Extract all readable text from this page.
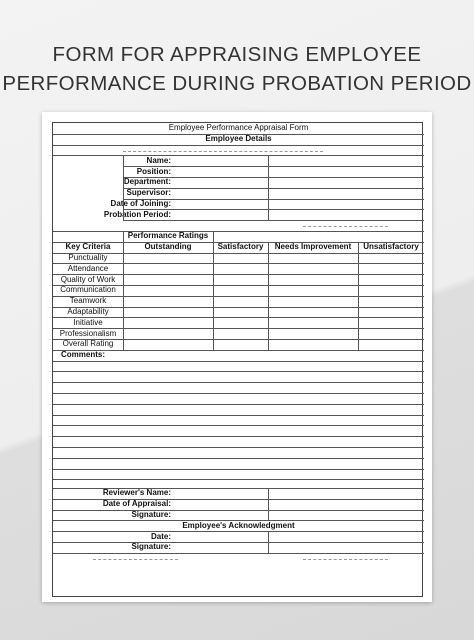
FORM FOR APPRAISING EMPLOYEE
PERFORMANCE DURING PROBATION PERIOD
Employee Performance Appraisal Form
Employee Details
Name:
Position:
Department:
Supervisor:
Date of Joining:
Probation Period:
Performance Ratings
Key Criteria	Outstanding	Satisfactory	Needs Improvement	Unsatisfactory
Punctuality
Attendance
Quality of Work
Communication
Teamwork
Adaptability
Initiative
Professionalism
Overall Rating
Comments:
Reviewer's Name:
Date of Appraisal:
Signature:
Employee's Acknowledgment
Date:
Signature:
